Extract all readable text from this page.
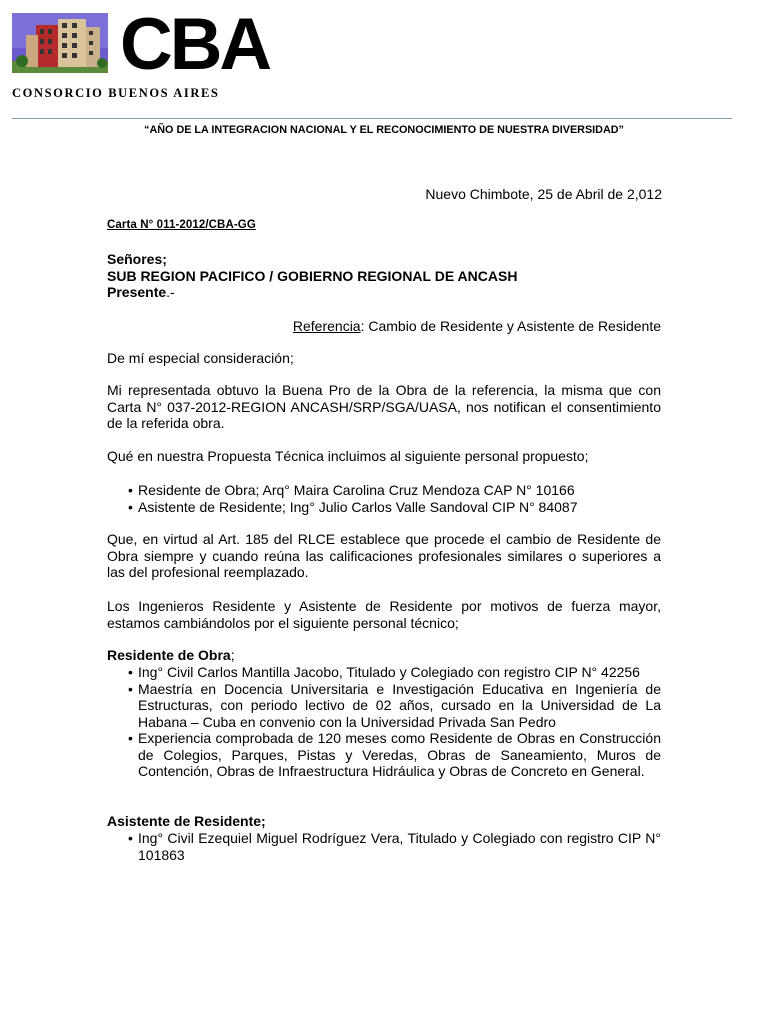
CBA
CONSORCIO BUENOS AIRES
“AÑO DE LA INTEGRACION NACIONAL Y EL RECONOCIMIENTO DE NUESTRA DIVERSIDAD”
Nuevo Chimbote, 25 de Abril de 2,012
Carta N° 011-2012/CBA-GG
Señores;
SUB REGION PACIFICO / GOBIERNO REGIONAL DE ANCASH
Presente.-
Referencia: Cambio de Residente y Asistente de Residente
De mí especial consideración;
Mi representada obtuvo la Buena Pro de la Obra de la referencia, la misma que con Carta N° 037-2012-REGION ANCASH/SRP/SGA/UASA, nos notifican el consentimiento de la referida obra.
Qué en nuestra Propuesta Técnica incluimos al siguiente personal propuesto;
• Residente de Obra; Arq° Maira Carolina Cruz Mendoza CAP N° 10166
• Asistente de Residente; Ing° Julio Carlos Valle Sandoval CIP N° 84087
Que, en virtud al Art. 185 del RLCE establece que procede el cambio de Residente de Obra siempre y cuando reúna las calificaciones profesionales similares o superiores a las del profesional reemplazado.
Los Ingenieros Residente y Asistente de Residente por motivos de fuerza mayor, estamos cambiándolos por el siguiente personal técnico;
Residente de Obra;
• Ing° Civil Carlos Mantilla Jacobo, Titulado y Colegiado con registro CIP N° 42256
• Maestría en Docencia Universitaria e Investigación Educativa en Ingeniería de Estructuras, con periodo lectivo de 02 años, cursado en la Universidad de La Habana – Cuba en convenio con la Universidad Privada San Pedro
• Experiencia comprobada de 120 meses como Residente de Obras en Construcción de Colegios, Parques, Pistas y Veredas, Obras de Saneamiento, Muros de Contención, Obras de Infraestructura Hidráulica y Obras de Concreto en General.
Asistente de Residente;
• Ing° Civil Ezequiel Miguel Rodríguez Vera, Titulado y Colegiado con registro CIP N° 101863
